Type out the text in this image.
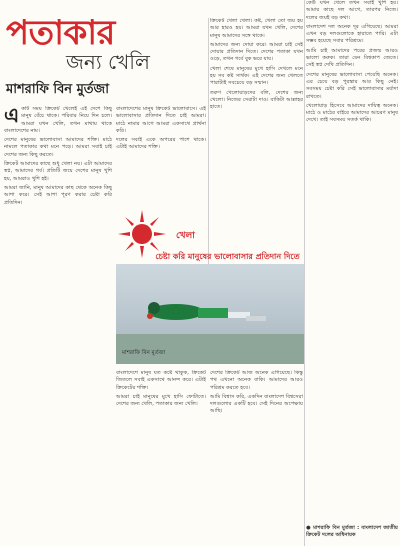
পতাকার
জন্য খেলি
মাশরাফি বিন মুর্তজা
এ কটি সময় ক্রিকেট খেলেই এই দেশে কিছু মানুষ বেঁচে থাকে। পরিবার নিয়ে দিন চলে। আমরা যখন খেলি, তখন মাথায় থাকে বাংলাদেশের নাম।

দেশের মানুষের ভালোবাসা আমাদের শক্তি। মাঠে নামলে পতাকার কথা মনে পড়ে। আমরা সবাই চাই দেশের জন্য কিছু করতে।

ক্রিকেট আমাদের কাছে শুধু খেলা নয়। এটা আমাদের স্বপ্ন, আমাদের গর্ব। প্রতিটি জয়ে দেশের মানুষ খুশি হয়, আমরাও খুশি হই।

আমরা জানি, মানুষ আমাদের কাছ থেকে অনেক কিছু আশা করে। সেই আশা পূরণ করার চেষ্টা করি প্রতিদিন।

বাংলাদেশের মানুষ ক্রিকেট ভালোবাসে। এই ভালোবাসার প্রতিদান দিতে চাই আমরা। মাঠে নামার আগে আমরা একসাথে প্রার্থনা করি।

দলের সবাই একে অপরের পাশে থাকে। এটাই আমাদের শক্তি।

ক্রিকেট খেলা খেলা। কষ্ট, খেলা তো জয় হয় আর হারও হয়। আমরা যখন খেলি, দেশের মানুষ আমাদের সঙ্গে থাকে।

আমাদের জন্য দোয়া করে। আমরা চাই সেই দোয়ার প্রতিদান দিতে। দেশের পতাকা যখন ওড়ে, তখন গর্বে বুক ভরে যায়।

খেলা শেষে মানুষের মুখে হাসি দেখলে মনে হয় সব কষ্ট সার্থক। এই দেশের জন্য খেলতে পারাটাই সবচেয়ে বড় সম্মান।

তরুণ খেলোয়াড়দের বলি, দেশের জন্য খেলো। নিজের সেরাটা দাও। বাকিটা আল্লাহর হাতে।

খেলা
চেষ্টা করি মানুষের ভালোবাসার প্রতিদান দিতে
মাশরাফি বিন মুর্তজা

কেউ যখন খেলে তখন সবাই খুশি হয়। আমার কাছে দল আগে, তারপর নিজে। দলের জয়ই বড় কথা।

বাংলাদেশ দল অনেক দূর এগিয়েছে। আমরা এখন বড় দলগুলোকে হারাতে পারি। এটা সম্ভব হয়েছে সবার পরিশ্রমে।

আমি চাই আমাদের পরের প্রজন্ম আরও ভালো করুক। তারা যেন বিশ্বকাপ জেতে। সেই স্বপ্ন দেখি প্রতিদিন।

দেশের মানুষের ভালোবাসা পেয়েছি অনেক। এর চেয়ে বড় পুরস্কার আর কিছু নেই। সবসময় চেষ্টা করি সেই ভালোবাসার মর্যাদা রাখতে।

খেলোয়াড় হিসেবে আমাদের দায়িত্ব অনেক। মাঠে ও মাঠের বাইরে আমাদের আচরণ মানুষ দেখে। তাই সবসময় সতর্ক থাকি।

● মাশরাফি বিন মুর্তজা : বাংলাদেশ জাতীয় ক্রিকেট দলের অধিনায়ক

বাংলাদেশে মানুষ যত কষ্টে থাকুক, ক্রিকেট জিতলে সবাই একসাথে আনন্দ করে। এটাই ক্রিকেটের শক্তি।

আমরা চাই মানুষের মুখে হাসি ফোটাতে। দেশের জন্য খেলি, পতাকার জন্য খেলি।

দেশের ক্রিকেট আজ অনেক এগিয়েছে। কিন্তু পথ এখনো অনেক বাকি। আমাদের আরও পরিশ্রম করতে হবে।

আমি বিশ্বাস করি, একদিন বাংলাদেশ বিশ্বসেরা দলগুলোর একটি হবে। সেই দিনের অপেক্ষায় আছি।
